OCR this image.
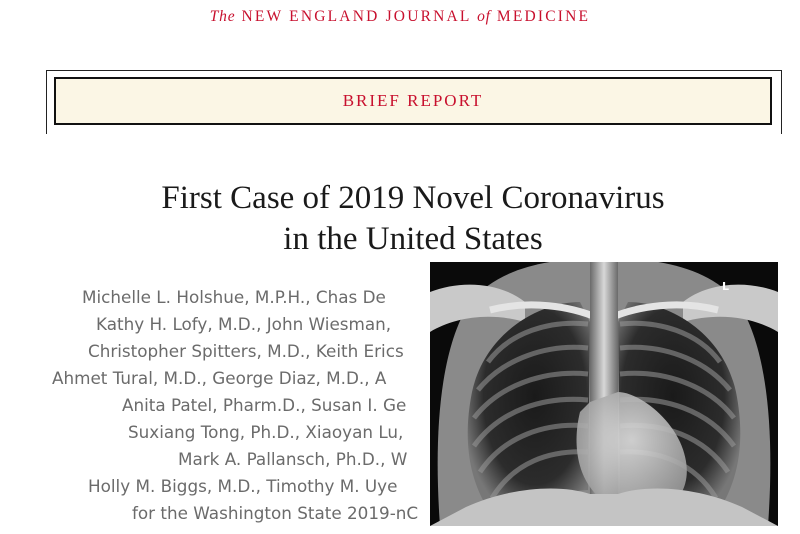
The NEW ENGLAND JOURNAL of MEDICINE
BRIEF REPORT
First Case of 2019 Novel Coronavirus
in the United States
Michelle L. Holshue, M.P.H., Chas De
Kathy H. Lofy, M.D., John Wiesman,
Christopher Spitters, M.D., Keith Erics
Ahmet Tural, M.D., George Diaz, M.D., A
Anita Patel, Pharm.D., Susan I. Ge
Suxiang Tong, Ph.D., Xiaoyan Lu,
Mark A. Pallansch, Ph.D., W
Holly M. Biggs, M.D., Timothy M. Uye
for the Washington State 2019-nC
L
